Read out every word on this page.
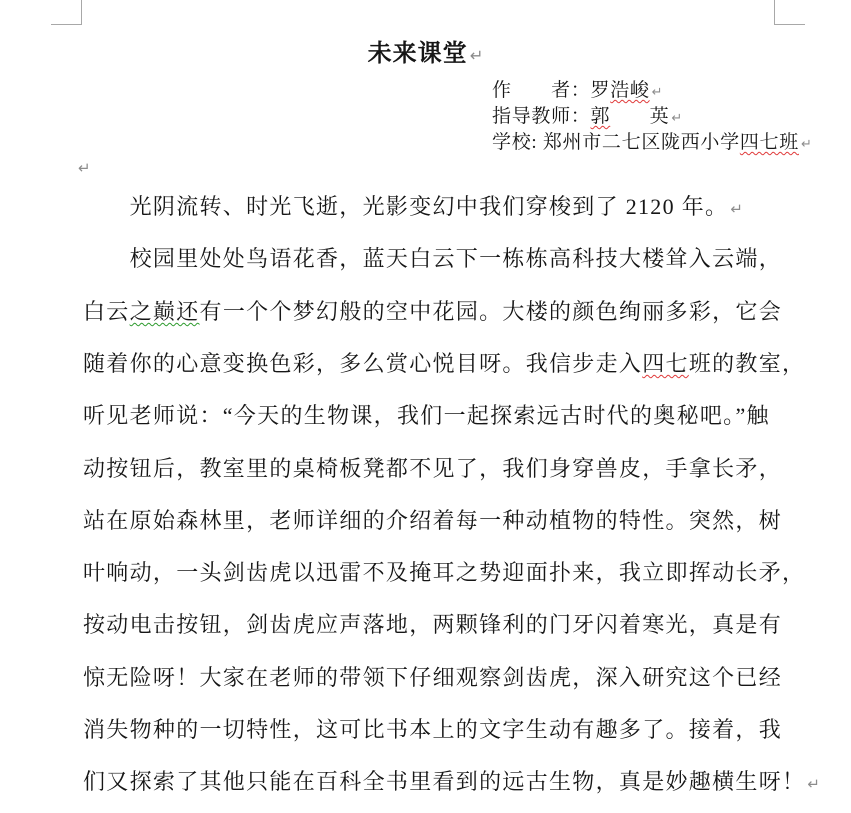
未来课堂 ↵
作　　者：罗浩峻 ↵
指导教师：郭　　英 ↵
学校: 郑州市二七区陇西小学四七班 ↵
↵
　　光阴流转、时光飞逝，光影变幻中我们穿梭到了 2120 年。 ↵
　　校园里处处鸟语花香，蓝天白云下一栋栋高科技大楼耸入云端，
白云之巅还有一个个梦幻般的空中花园。大楼的颜色绚丽多彩，它会
随着你的心意变换色彩，多么赏心悦目呀。我信步走入四七班的教室，
听见老师说：“今天的生物课，我们一起探索远古时代的奥秘吧。”触
动按钮后，教室里的桌椅板凳都不见了，我们身穿兽皮，手拿长矛，
站在原始森林里，老师详细的介绍着每一种动植物的特性。突然，树
叶响动，一头剑齿虎以迅雷不及掩耳之势迎面扑来，我立即挥动长矛，
按动电击按钮，剑齿虎应声落地，两颗锋利的门牙闪着寒光，真是有
惊无险呀！大家在老师的带领下仔细观察剑齿虎，深入研究这个已经
消失物种的一切特性，这可比书本上的文字生动有趣多了。接着，我
们又探索了其他只能在百科全书里看到的远古生物，真是妙趣横生呀！ ↵
